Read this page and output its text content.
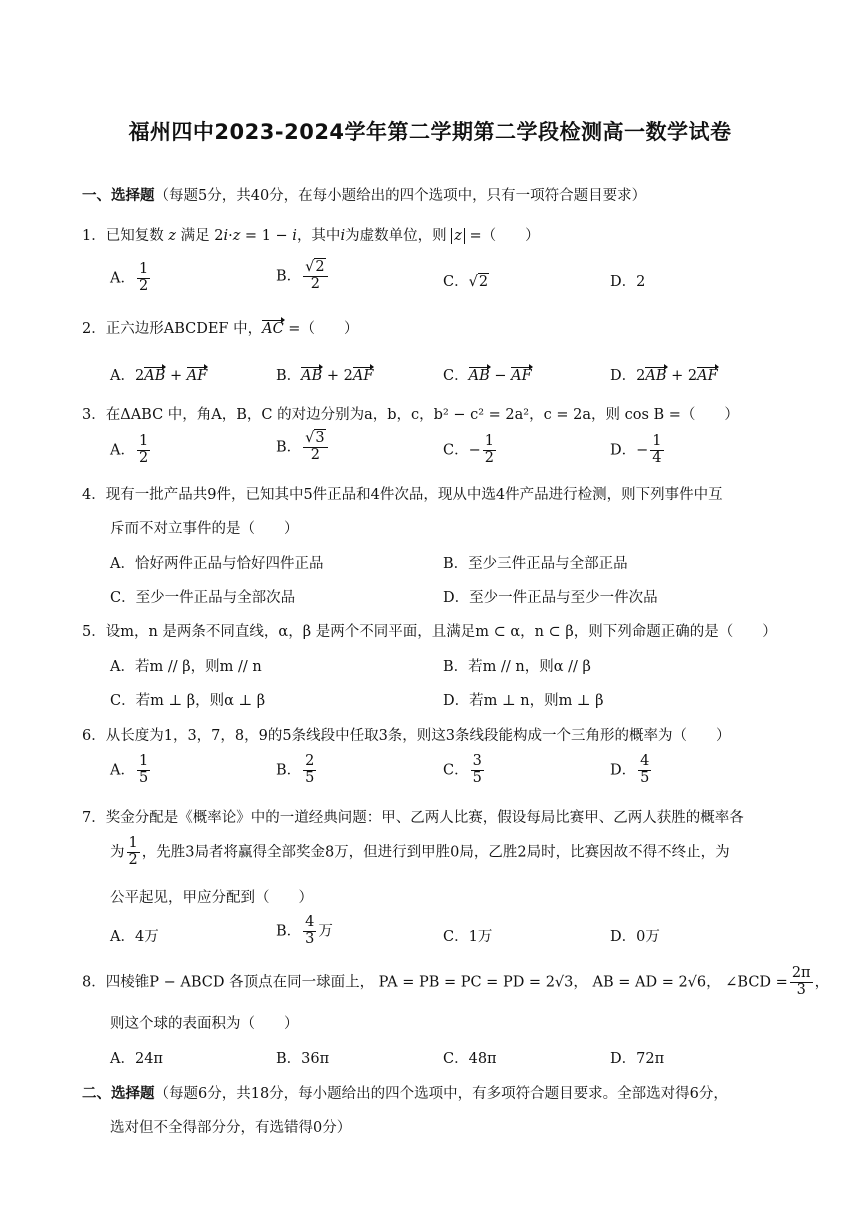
福州四中2023-2024学年第二学期第二学段检测高一数学试卷
一、选择题（每题5分，共40分，在每小题给出的四个选项中，只有一项符合题目要求）
1．已知复数 z 满足 2i·z = 1 − i，其中i为虚数单位，则 z =（　　）
A． $\frac{1}{2}$	B． $\frac{√2}{2}$	C．√2	D．2
2．正六边形ABCDEF 中，AC =（　　）
A．2AB + AF	B．AB + 2AF	C．AB − AF	D．2AB + 2AF
3．在ΔABC 中，角A，B，C 的对边分别为a，b，c，b² − c² = 2a²，c = 2a，则 cos B =（　　）
A． $\frac{1}{2}$	B． $\frac{√3}{2}$	C．− $\frac{1}{2}$	D．− $\frac{1}{4}$
4．现有一批产品共9件，已知其中5件正品和4件次品，现从中选4件产品进行检测，则下列事件中互
斥而不对立事件的是（　　）
A．恰好两件正品与恰好四件正品	B．至少三件正品与全部正品
C．至少一件正品与全部次品	D．至少一件正品与至少一件次品
5．设m，n 是两条不同直线，α，β 是两个不同平面，且满足m ⊂ α，n ⊂ β，则下列命题正确的是（　　）
A．若m // β，则m // n	B．若m // n，则α // β
C．若m ⊥ β，则α ⊥ β	D．若m ⊥ n，则m ⊥ β
6．从长度为1，3，7，8，9的5条线段中任取3条，则这3条线段能构成一个三角形的概率为（　　）
A． $\frac{1}{5}$	B． $\frac{2}{5}$	C． $\frac{3}{5}$	D． $\frac{4}{5}$
7．奖金分配是《概率论》中的一道经典问题：甲、乙两人比赛，假设每局比赛甲、乙两人获胜的概率各
为 $\frac{1}{2}$ ，先胜3局者将赢得全部奖金8万，但进行到甲胜0局，乙胜2局时，比赛因故不得不终止，为
公平起见，甲应分配到（　　）
A．4万	B． $\frac{4}{3}$ 万	C．1万	D．0万
8．四棱锥P − ABCD 各顶点在同一球面上， PA = PB = PC = PD = 2√3， AB = AD = 2√6， ∠BCD = $\frac{2\pi}{3}$ ，
则这个球的表面积为（　　）
A．24π	B．36π	C．48π	D．72π
二、选择题（每题6分，共18分，每小题给出的四个选项中，有多项符合题目要求。全部选对得6分，
选对但不全得部分分，有选错得0分）
